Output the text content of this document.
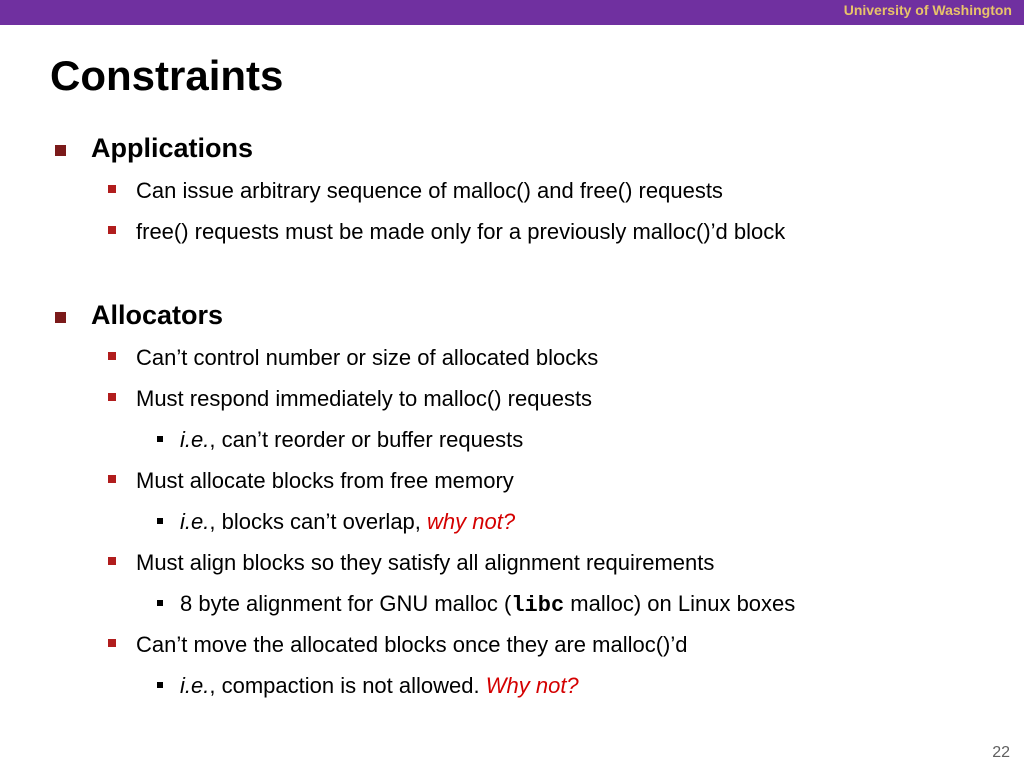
University of Washington
Constraints
Applications
Can issue arbitrary sequence of malloc() and free() requests
free() requests must be made only for a previously malloc()’d block
Allocators
Can’t control number or size of allocated blocks
Must respond immediately to malloc() requests
i.e., can’t reorder or buffer requests
Must allocate blocks from free memory
i.e., blocks can’t overlap, why not?
Must align blocks so they satisfy all alignment requirements
8 byte alignment for GNU malloc (libc malloc) on Linux boxes
Can’t move the allocated blocks once they are malloc()’d
i.e., compaction is not allowed. Why not?
22
